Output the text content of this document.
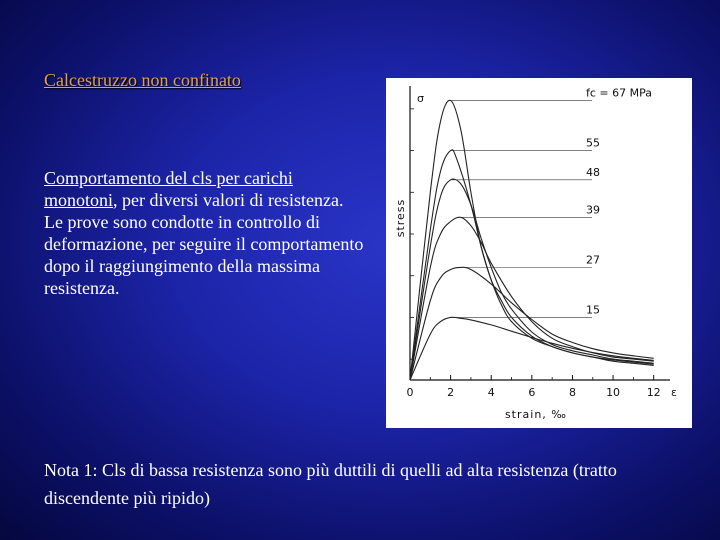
Calcestruzzo non confinato
Comportamento del cls per carichi monotoni, per diversi valori di resistenza. Le prove sono condotte in controllo di deformazione, per seguire il comportamento dopo il raggiungimento della massima resistenza.
0	2	4	6	8	10 12
fc = 67 MPa
55
48
39
27
15
stress
strain, ‰
σ
ε
Nota 1: Cls di bassa resistenza sono più duttili di quelli ad alta resistenza (tratto discendente più ripido)
